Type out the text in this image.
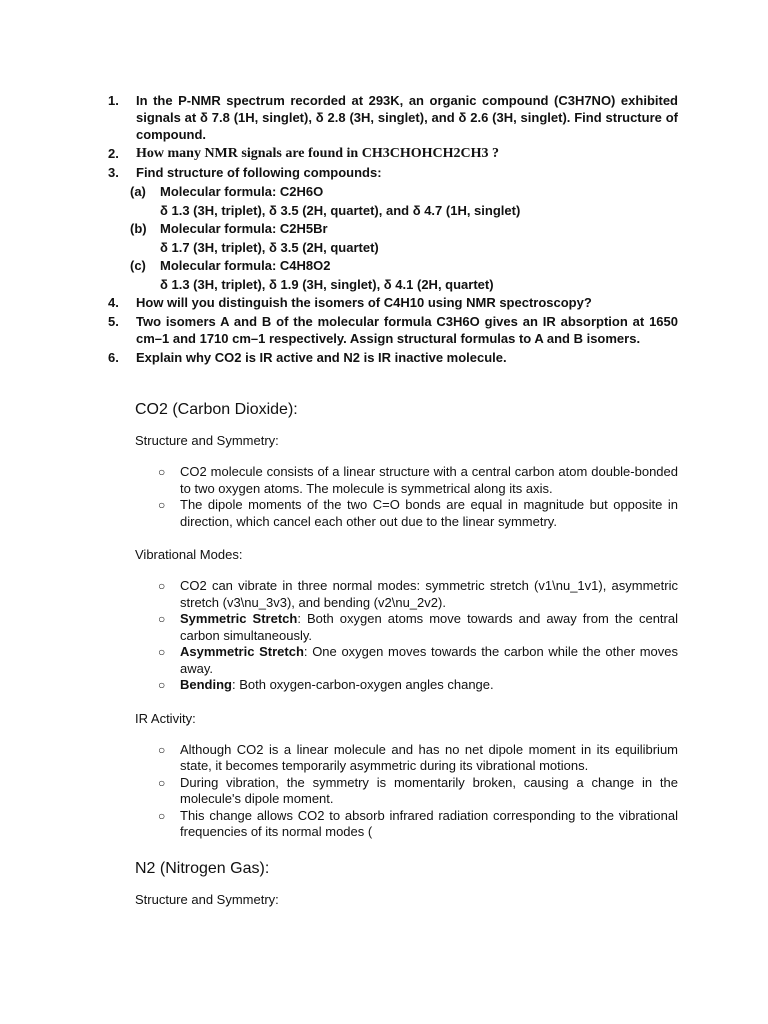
1.	In the P-NMR spectrum recorded at 293K, an organic compound (C3H7NO) exhibited signals at δ 7.8 (1H, singlet), δ 2.8 (3H, singlet), and δ 2.6 (3H, singlet). Find structure of compound.
2.	How many NMR signals are found in CH3CHOHCH2CH3 ?
3.	Find structure of following compounds:
(a) Molecular formula: C2H6O
δ 1.3 (3H, triplet), δ 3.5 (2H, quartet), and δ 4.7 (1H, singlet)
(b) Molecular formula: C2H5Br
δ 1.7 (3H, triplet), δ 3.5 (2H, quartet)
(c) Molecular formula: C4H8O2
δ 1.3 (3H, triplet), δ 1.9 (3H, singlet), δ 4.1 (2H, quartet)
4.	How will you distinguish the isomers of C4H10 using NMR spectroscopy?
5.	Two isomers A and B of the molecular formula C3H6O gives an IR absorption at 1650 cm–1 and 1710 cm–1 respectively. Assign structural formulas to A and B isomers.
6.	Explain why CO2 is IR active and N2 is IR inactive molecule.
CO2 (Carbon Dioxide):
Structure and Symmetry:
○ CO2 molecule consists of a linear structure with a central carbon atom double-bonded to two oxygen atoms. The molecule is symmetrical along its axis.
○ The dipole moments of the two C=O bonds are equal in magnitude but opposite in direction, which cancel each other out due to the linear symmetry.
Vibrational Modes:
○ CO2 can vibrate in three normal modes: symmetric stretch (v1\nu_1v1), asymmetric stretch (v3\nu_3v3), and bending (v2\nu_2v2).
○ Symmetric Stretch: Both oxygen atoms move towards and away from the central carbon simultaneously.
○ Asymmetric Stretch: One oxygen moves towards the carbon while the other moves away.
○ Bending: Both oxygen-carbon-oxygen angles change.
IR Activity:
○ Although CO2 is a linear molecule and has no net dipole moment in its equilibrium state, it becomes temporarily asymmetric during its vibrational motions.
○ During vibration, the symmetry is momentarily broken, causing a change in the molecule's dipole moment.
○ This change allows CO2 to absorb infrared radiation corresponding to the vibrational frequencies of its normal modes (
N2 (Nitrogen Gas):
Structure and Symmetry:
